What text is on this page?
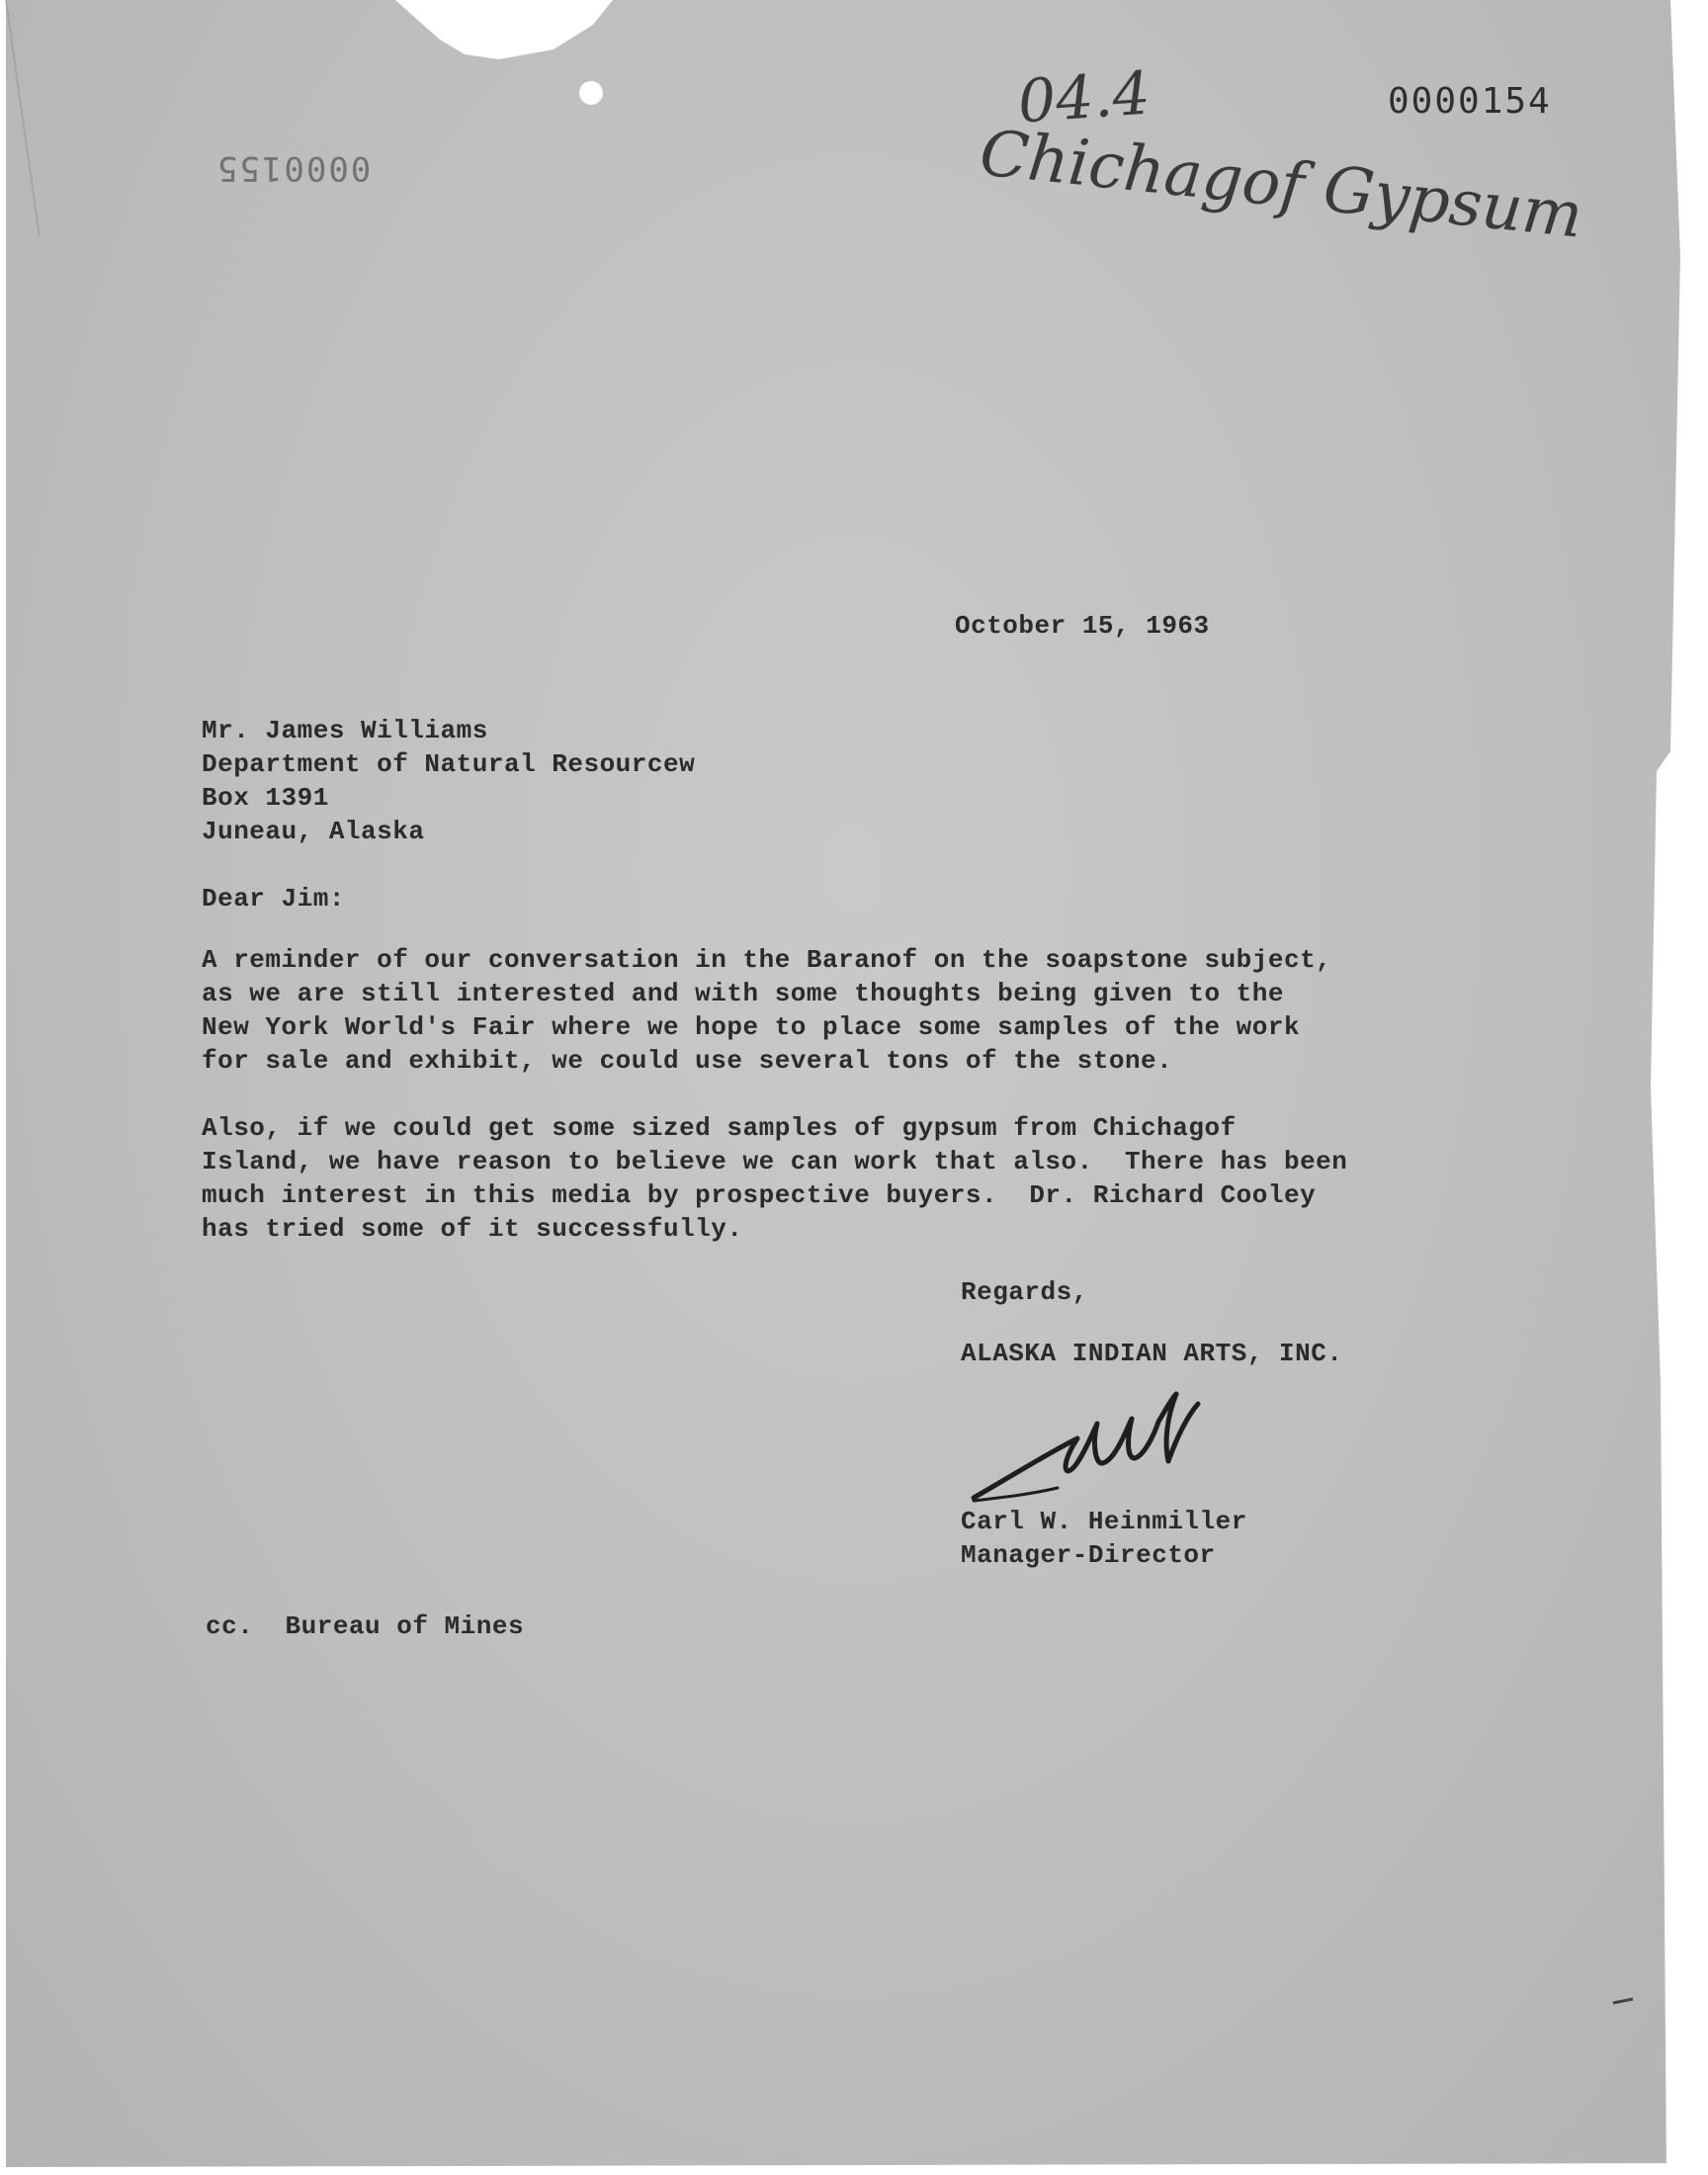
0000155
0000154
04.4
Chichagof Gypsum
October 15, 1963
Mr. James Williams
Department of Natural Resourcew
Box 1391
Juneau, Alaska
Dear Jim:
A reminder of our conversation in the Baranof on the soapstone subject,
as we are still interested and with some thoughts being given to the
New York World's Fair where we hope to place some samples of the work
for sale and exhibit, we could use several tons of the stone.
Also, if we could get some sized samples of gypsum from Chichagof
Island, we have reason to believe we can work that also.  There has been
much interest in this media by prospective buyers.  Dr. Richard Cooley
has tried some of it successfully.
Regards,
ALASKA INDIAN ARTS, INC.
Carl W. Heinmiller
Manager-Director
cc.  Bureau of Mines
